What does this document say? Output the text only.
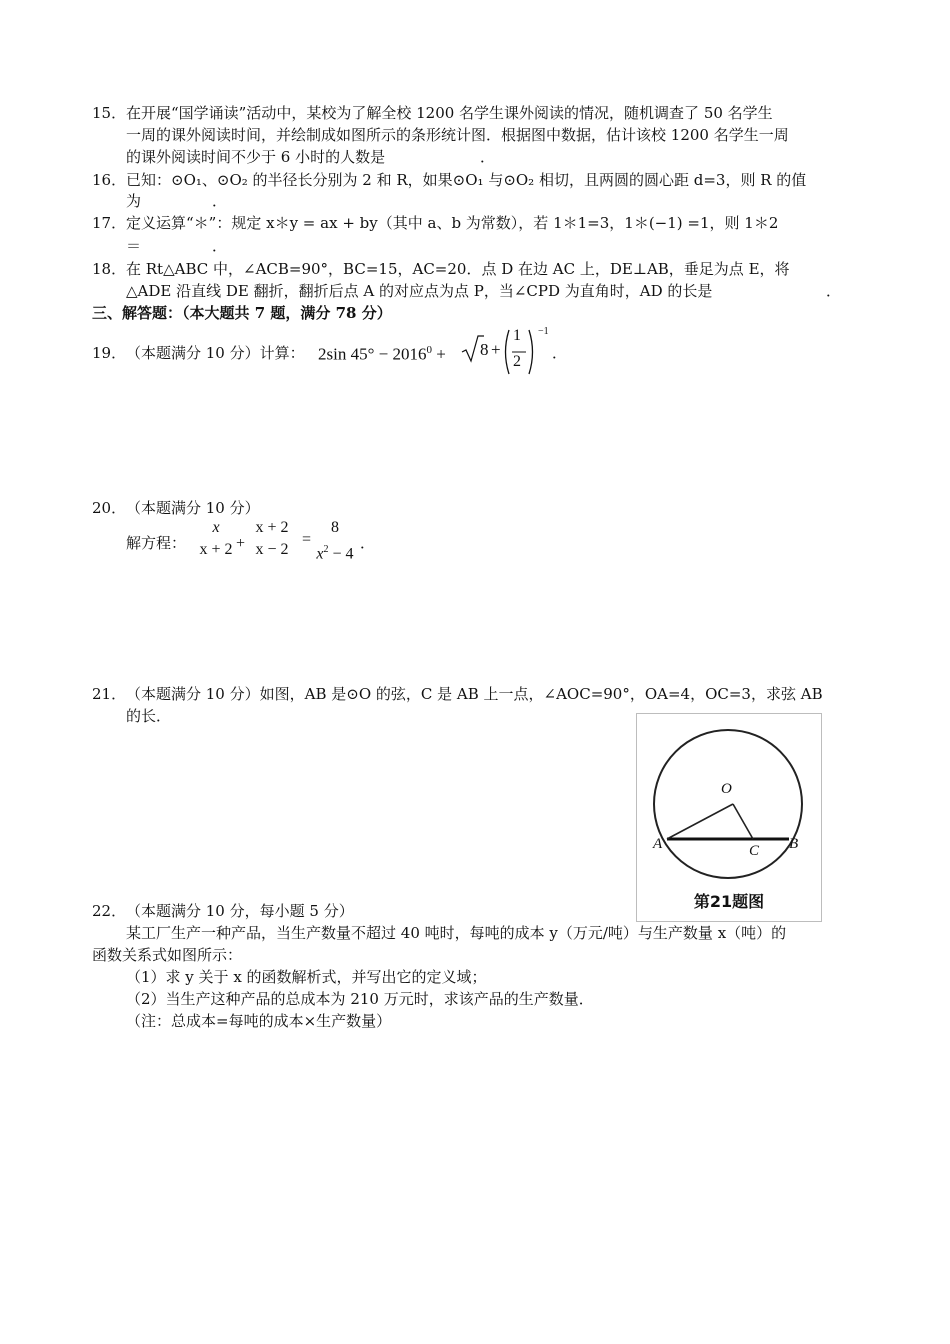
15． 在开展“国学诵读”活动中，某校为了解全校 1200 名学生课外阅读的情况，随机调查了 50 名学生
一周的课外阅读时间，并绘制成如图所示的条形统计图．根据图中数据，估计该校 1200 名学生一周
的课外阅读时间不少于 6 小时的人数是	．
16． 已知：⊙O₁、⊙O₂ 的半径长分别为 2 和 R，如果⊙O₁ 与⊙O₂ 相切，且两圆的圆心距 d=3，则 R 的值
为	．
17． 定义运算“＊”：规定 x＊y = ax + by（其中 a、b 为常数），若 1＊1=3，1＊(−1) =1，则 1＊2
＝	．
18． 在 Rt△ABC 中，∠ACB=90°，BC=15，AC=20．点 D 在边 AC 上，DE⊥AB，垂足为点 E，将
△ADE 沿直线 DE 翻折，翻折后点 A 的对应点为点 P，当∠CPD 为直角时，AD 的长是	．
三、解答题：（本大题共 7 题，满分 78 分）
19． （本题满分 10 分）计算： 2sin $45^\circ - 2016^0 + 8$ +
1
2
−1
．
20． （本题满分 10 分）
解方程：
x
x + 2 +
x + 2
x − 2
=
8
$x^2 - 4$
．
21． （本题满分 10 分）如图，AB 是⊙O 的弦，C 是 AB 上一点，∠AOC=90°，OA=4，OC=3，求弦 AB
的长．
O
A	B
C
第21题图
22． （本题满分 10 分，每小题 5 分）
某工厂生产一种产品，当生产数量不超过 40 吨时，每吨的成本 y（万元/吨）与生产数量 x（吨）的
函数关系式如图所示：
（1）求 y 关于 x 的函数解析式，并写出它的定义域；
（2）当生产这种产品的总成本为 210 万元时，求该产品的生产数量．
（注：总成本=每吨的成本×生产数量）
